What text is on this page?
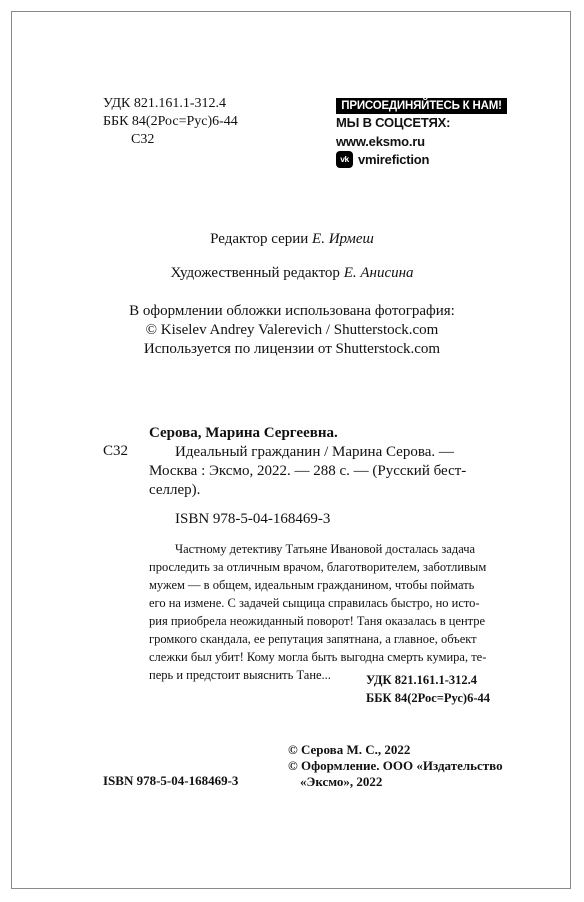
УДК 821.161.1-312.4
ББК 84(2Рос=Рус)6-44
С32
ПРИСОЕДИНЯЙТЕСЬ К НАМ!
МЫ В СОЦСЕТЯХ:
www.eksmo.ru
vk vmirefiction
Редактор серии Е. Ирмеш
Художественный редактор Е. Анисина
В оформлении обложки использована фотография:
© Kiselev Andrey Valerevich / Shutterstock.com
Используется по лицензии от Shutterstock.com
С32
Серова, Марина Сергеевна.
Идеальный гражданин / Марина Серова. —
Москва : Эксмо, 2022. — 288 с. — (Русский бест-
селлер).
ISBN 978-5-04-168469-3
Частному детективу Татьяне Ивановой досталась задача
проследить за отличным врачом, благотворителем, заботливым
мужем — в общем, идеальным гражданином, чтобы поймать
его на измене. С задачей сыщица справилась быстро, но исто-
рия приобрела неожиданный поворот! Таня оказалась в центре
громкого скандала, ее репутация запятнана, а главное, объект
слежки был убит! Кому могла быть выгодна смерть кумира, те-
перь и предстоит выяснить Тане...	УДК 821.161.1-312.4
ББК 84(2Рос=Рус)6-44
ISBN 978-5-04-168469-3
© Серова М. С., 2022
© Оформление. ООО «Издательство
«Эксмо», 2022
